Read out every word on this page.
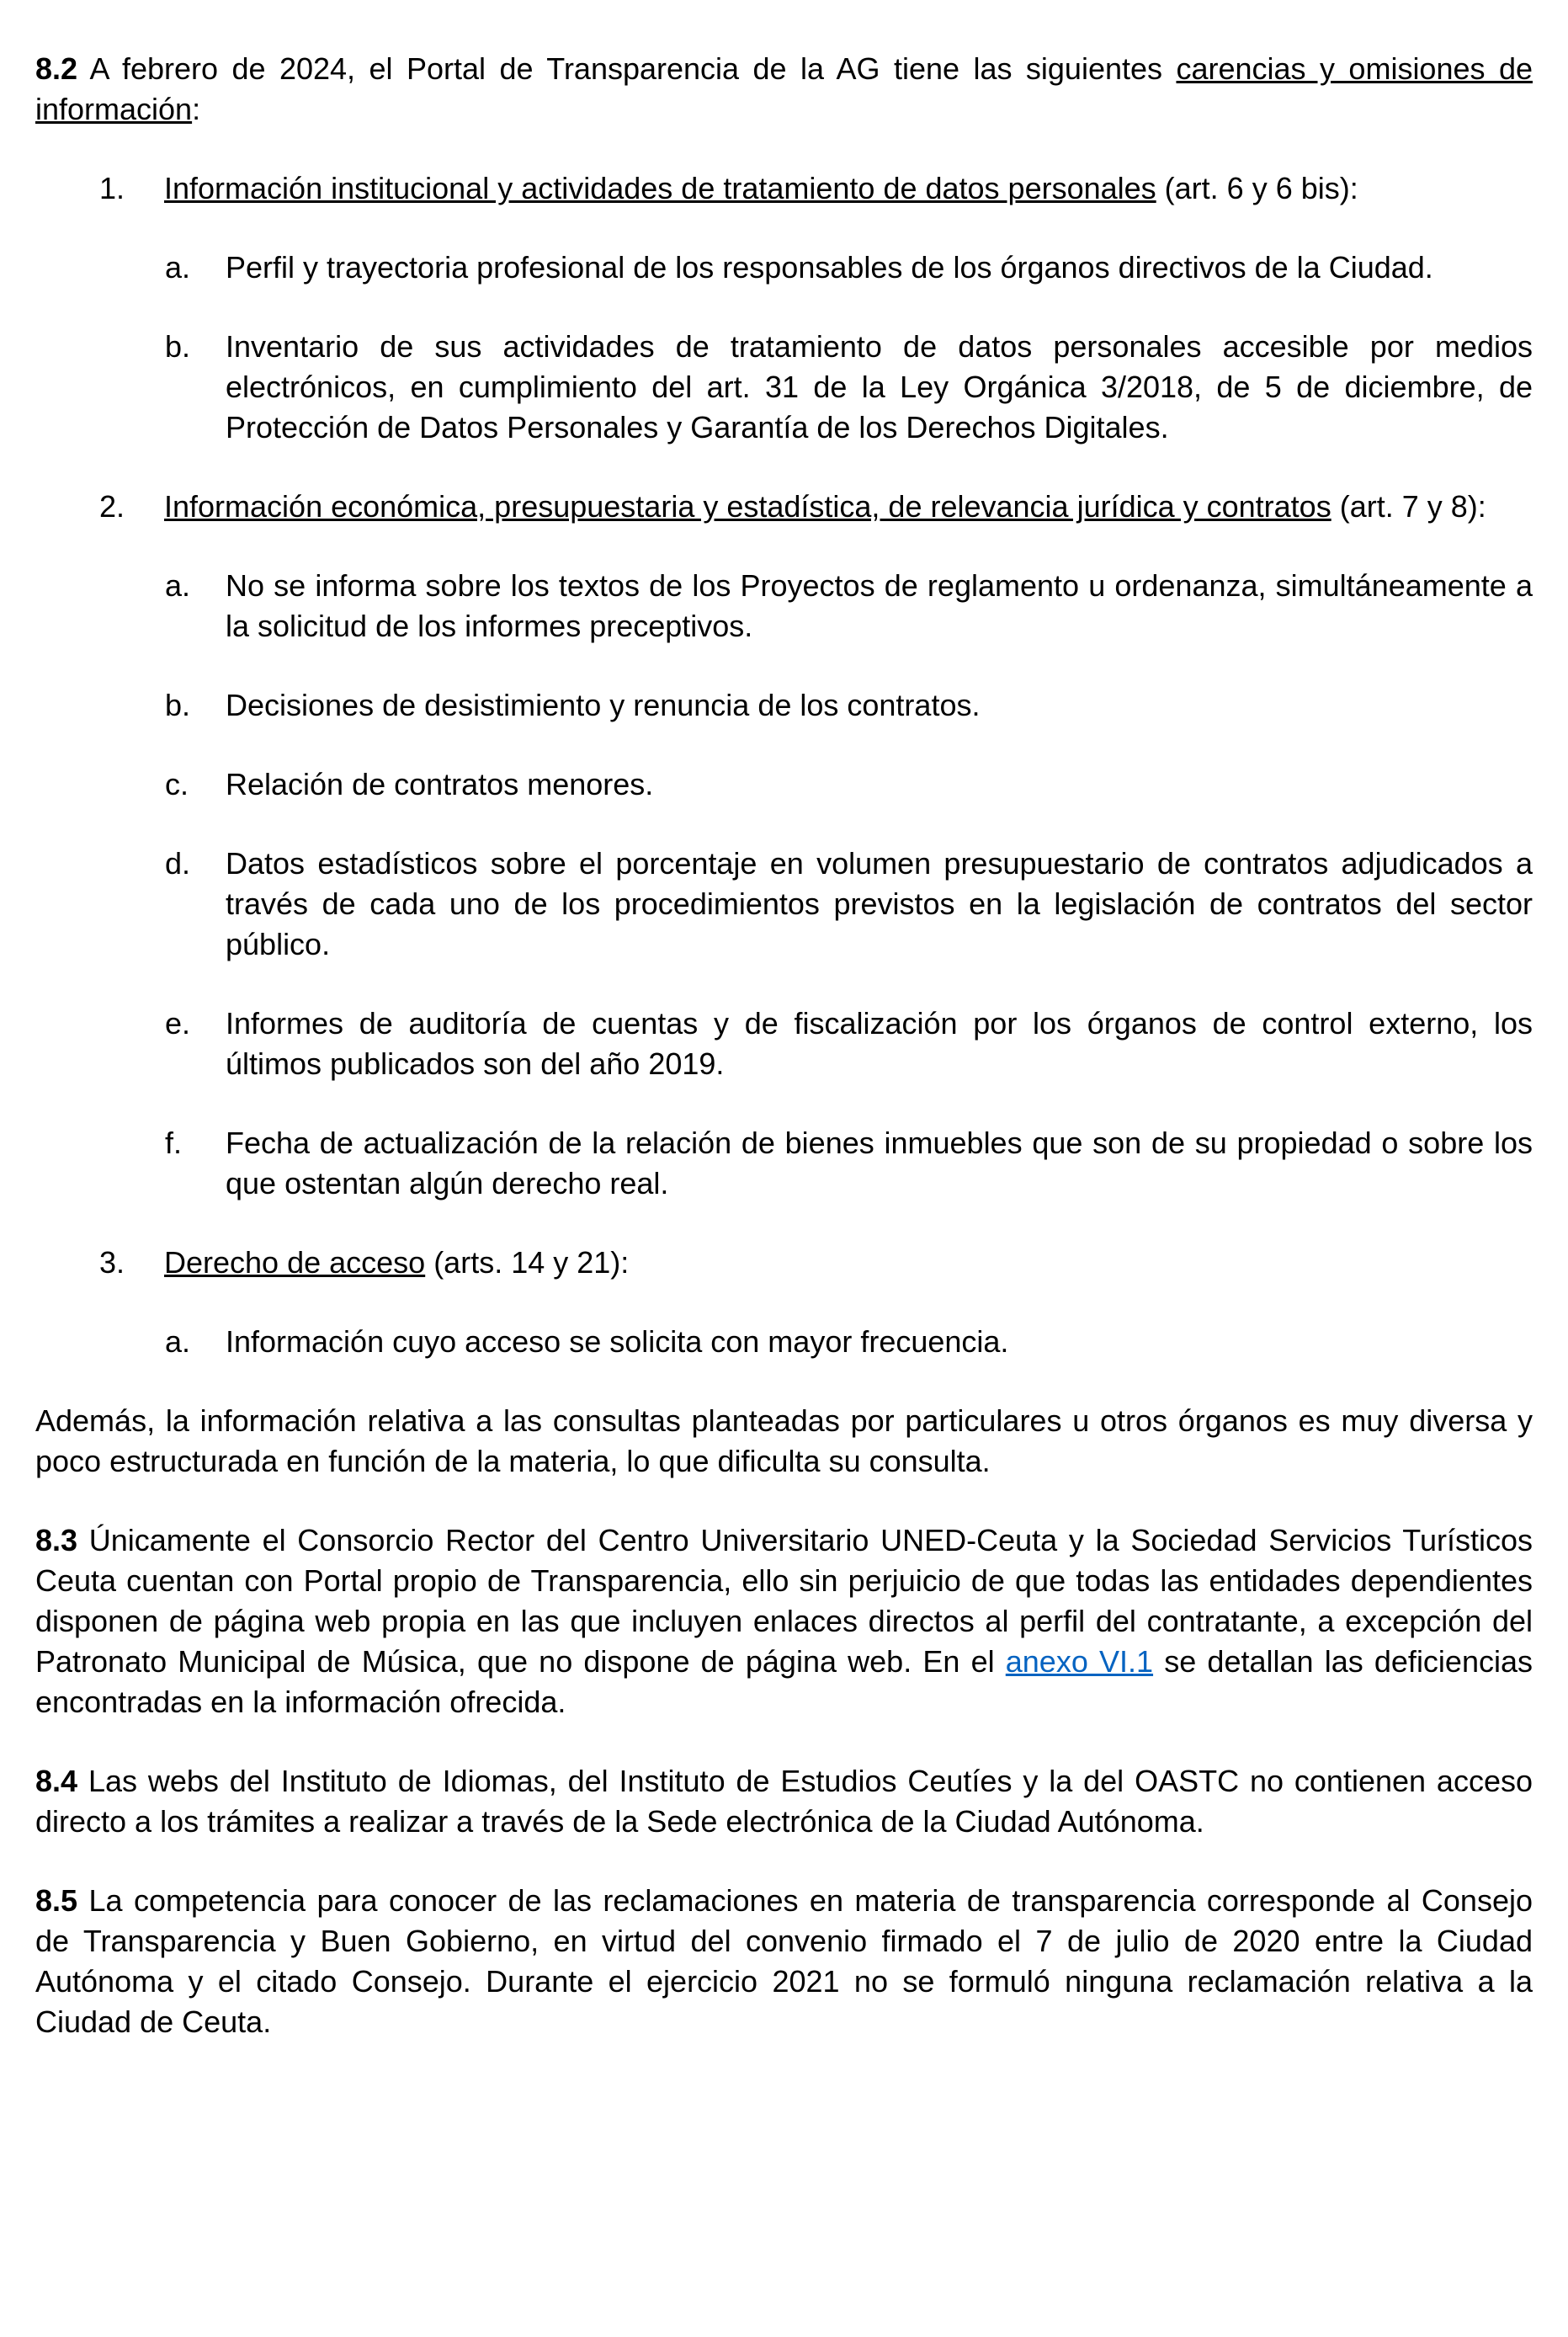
8.2 A febrero de 2024, el Portal de Transparencia de la AG tiene las siguientes carencias y omisiones de información:

1.	Información institucional y actividades de tratamiento de datos personales (art. 6 y 6 bis):
a.	Perfil y trayectoria profesional de los responsables de los órganos directivos de la Ciudad.
b.	Inventario de sus actividades de tratamiento de datos personales accesible por medios electrónicos, en cumplimiento del art. 31 de la Ley Orgánica 3/2018, de 5 de diciembre, de Protección de Datos Personales y Garantía de los Derechos Digitales.
2.	Información económica, presupuestaria y estadística, de relevancia jurídica y contratos (art. 7 y 8):
a.	No se informa sobre los textos de los Proyectos de reglamento u ordenanza, simultáneamente a la solicitud de los informes preceptivos.
b.	Decisiones de desistimiento y renuncia de los contratos.
c.	Relación de contratos menores.
d.	Datos estadísticos sobre el porcentaje en volumen presupuestario de contratos adjudicados a través de cada uno de los procedimientos previstos en la legislación de contratos del sector público.
e.	Informes de auditoría de cuentas y de fiscalización por los órganos de control externo, los últimos publicados son del año 2019.
f.	Fecha de actualización de la relación de bienes inmuebles que son de su propiedad o sobre los que ostentan algún derecho real.
3.	Derecho de acceso (arts. 14 y 21):
a.	Información cuyo acceso se solicita con mayor frecuencia.

Además, la información relativa a las consultas planteadas por particulares u otros órganos es muy diversa y poco estructurada en función de la materia, lo que dificulta su consulta.

8.3 Únicamente el Consorcio Rector del Centro Universitario UNED-Ceuta y la Sociedad Servicios Turísticos Ceuta cuentan con Portal propio de Transparencia, ello sin perjuicio de que todas las entidades dependientes disponen de página web propia en las que incluyen enlaces directos al perfil del contratante, a excepción del Patronato Municipal de Música, que no dispone de página web. En el anexo VI.1 se detallan las deficiencias encontradas en la información ofrecida.

8.4 Las webs del Instituto de Idiomas, del Instituto de Estudios Ceutíes y la del OASTC no contienen acceso directo a los trámites a realizar a través de la Sede electrónica de la Ciudad Autónoma.

8.5 La competencia para conocer de las reclamaciones en materia de transparencia corresponde al Consejo de Transparencia y Buen Gobierno, en virtud del convenio firmado el 7 de julio de 2020 entre la Ciudad Autónoma y el citado Consejo. Durante el ejercicio 2021 no se formuló ninguna reclamación relativa a la Ciudad de Ceuta.
